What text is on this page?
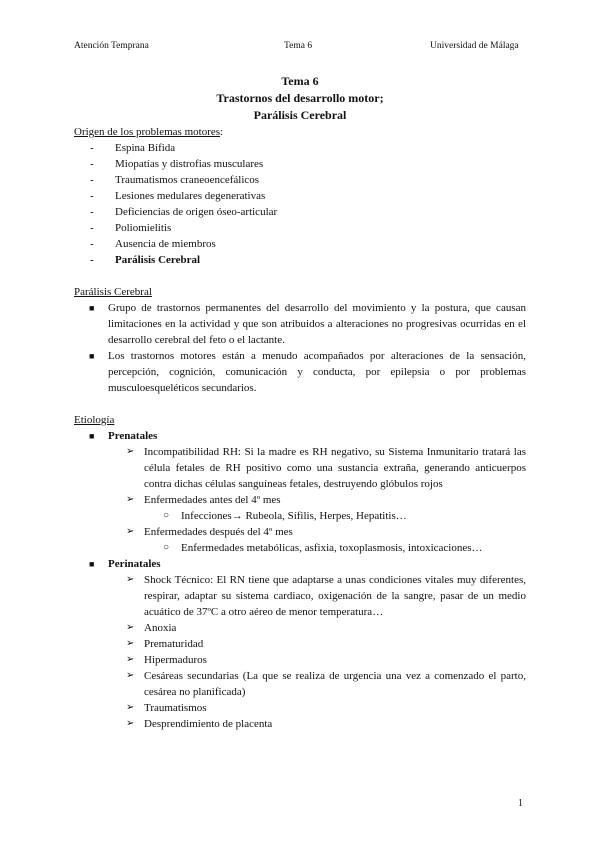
Atención Temprana	Tema 6	Universidad de Málaga
Tema 6
Trastornos del desarrollo motor;
Parálisis Cerebral
Origen de los problemas motores:
- Espina Bífida
- Miopatías y distrofias musculares
- Traumatismos craneoencefálicos
- Lesiones medulares degenerativas
- Deficiencias de origen óseo-articular
- Poliomielitis
- Ausencia de miembros
- Parálisis Cerebral
Parálisis Cerebral
■ Grupo de trastornos permanentes del desarrollo del movimiento y la postura, que causan limitaciones en la actividad y que son atribuidos a alteraciones no progresivas ocurridas en el desarrollo cerebral del feto o el lactante.
■ Los trastornos motores están a menudo acompañados por alteraciones de la sensación, percepción, cognición, comunicación y conducta, por epilepsia o por problemas musculoesqueléticos secundarios.
Etiología
■ Prenatales
➢ Incompatibilidad RH: Si la madre es RH negativo, su Sistema Inmunitario tratará las célula fetales de RH positivo como una sustancia extraña, generando anticuerpos contra dichas células sanguíneas fetales, destruyendo glóbulos rojos
➢ Enfermedades antes del 4º mes
○ Infecciones→ Rubeola, Sífilis, Herpes, Hepatitis…
➢ Enfermedades después del 4º mes
○ Enfermedades metabólicas, asfixia, toxoplasmosis, intoxicaciones…
■ Perinatales
➢ Shock Técnico: El RN tiene que adaptarse a unas condiciones vitales muy diferentes, respirar, adaptar su sistema cardiaco, oxigenación de la sangre, pasar de un medio acuático de 37ºC a otro aéreo de menor temperatura…
➢ Anoxia
➢ Prematuridad
➢ Hipermaduros
➢ Cesáreas secundarias (La que se realiza de urgencia una vez a comenzado el parto, cesárea no planificada)
➢ Traumatismos
➢ Desprendimiento de placenta
1
